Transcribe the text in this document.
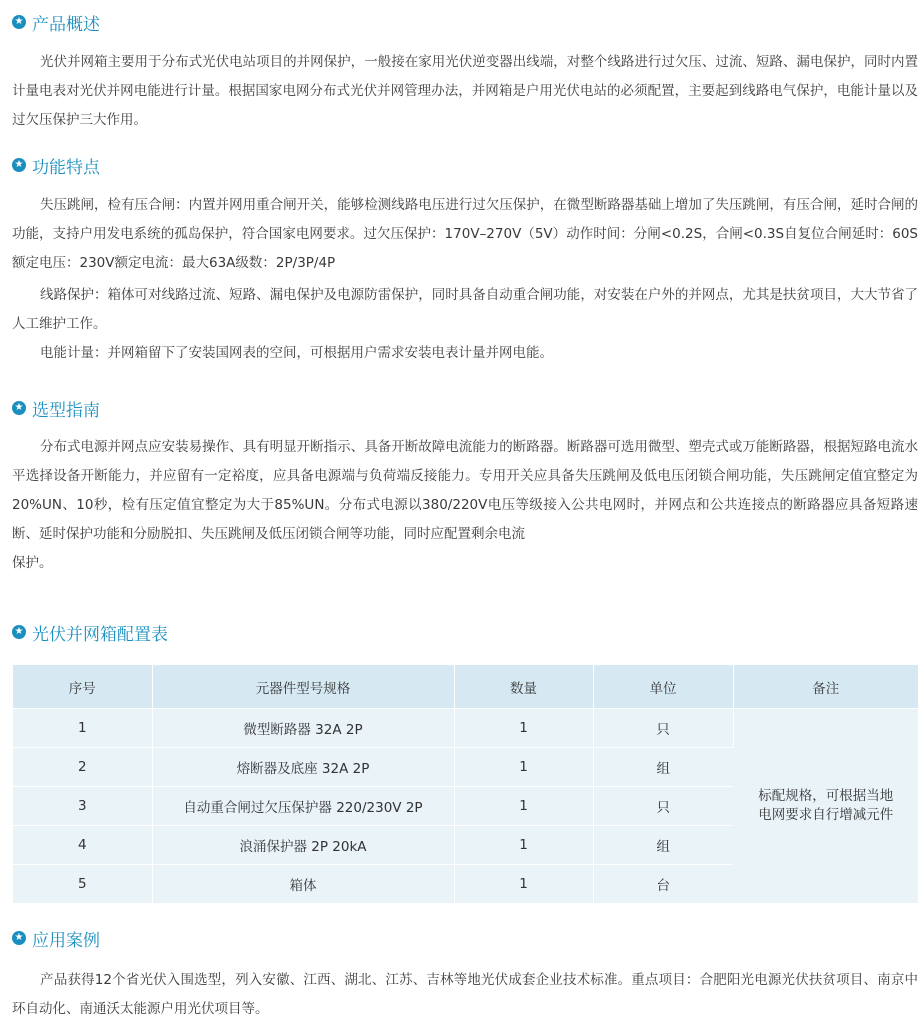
★ 产品概述

光伏并网箱主要用于分布式光伏电站项目的并网保护，一般接在家用光伏逆变器出线端，对整个线路进行过欠压、过流、短路、漏电保护，同时内置计量电表对光伏并网电能进行计量。根据国家电网分布式光伏并网管理办法，并网箱是户用光伏电站的必须配置，主要起到线路电气保护，电能计量以及过欠压保护三大作用。

★ 功能特点

失压跳闸，检有压合闸：内置并网用重合闸开关，能够检测线路电压进行过欠压保护，在微型断路器基础上增加了失压跳闸，有压合闸，延时合闸的功能，支持户用发电系统的孤岛保护，符合国家电网要求。过欠压保护：170V–270V（5V）动作时间：分闸<0.2S，合闸<0.3S自复位合闸延时：60S额定电压：230V额定电流：最大63A级数：2P/3P/4P

线路保护：箱体可对线路过流、短路、漏电保护及电源防雷保护，同时具备自动重合闸功能，对安装在户外的并网点，尤其是扶贫项目，大大节省了人工维护工作。

电能计量：并网箱留下了安装国网表的空间，可根据用户需求安装电表计量并网电能。

★ 选型指南

分布式电源并网点应安装易操作、具有明显开断指示、具备开断故障电流能力的断路器。断路器可选用微型、塑壳式或万能断路器，根据短路电流水平选择设备开断能力，并应留有一定裕度，应具备电源端与负荷端反接能力。专用开关应具备失压跳闸及低电压闭锁合闸功能，失压跳闸定值宜整定为20%UN、10秒，检有压定值宜整定为大于85%UN。分布式电源以380/220V电压等级接入公共电网时，并网点和公共连接点的断路器应具备短路速断、延时保护功能和分励脱扣、失压跳闸及低压闭锁合闸等功能，同时应配置剩余电流
保护。

★ 光伏并网箱配置表
序号	元器件型号规格	数量	单位	备注
1	微型断路器 32A 2P	1	只	标配规格，可根据当地电网要求自行增减元件
2	熔断器及底座 32A 2P	1	组	
3	自动重合闸过欠压保护器 220/230V 2P	1	只	
4	浪涌保护器 2P 20kA	1	组	
5	箱体	1	台	
★ 应用案例

产品获得12个省光伏入围选型，列入安徽、江西、湖北、江苏、吉林等地光伏成套企业技术标准。重点项目：合肥阳光电源光伏扶贫项目、南京中环自动化、南通沃太能源户用光伏项目等。
